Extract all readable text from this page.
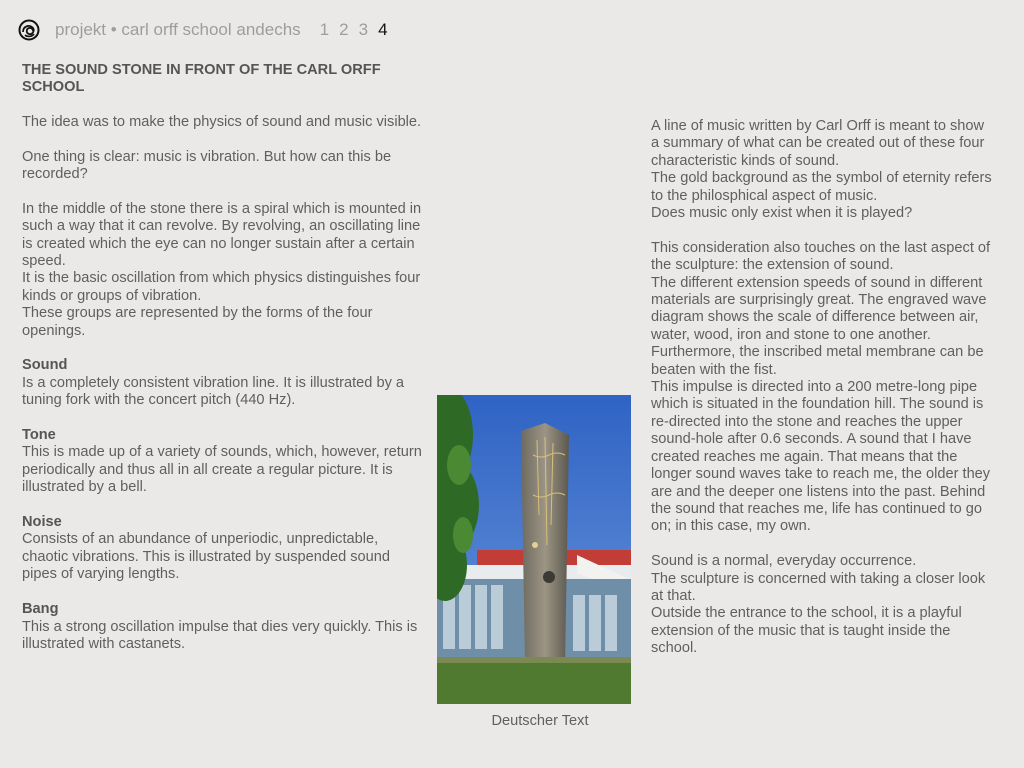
projekt • carl orff school andechs 1 2 3 4
THE SOUND STONE IN FRONT OF THE CARL ORFF SCHOOL

The idea was to make the physics of sound and music visible.

One thing is clear: music is vibration. But how can this be recorded?

In the middle of the stone there is a spiral which is mounted in such a way that it can revolve. By revolving, an oscillating line is created which the eye can no longer sustain after a certain speed.
It is the basic oscillation from which physics distinguishes four kinds or groups of vibration.
These groups are represented by the forms of the four openings.

Sound
Is a completely consistent vibration line. It is illustrated by a tuning fork with the concert pitch (440 Hz).

Tone
This is made up of a variety of sounds, which, however, return periodically and thus all in all create a regular picture. It is illustrated by a bell.

Noise
Consists of an abundance of unperiodic, unpredictable, chaotic vibrations. This is illustrated by suspended sound pipes of varying lengths.

Bang
This a strong oscillation impulse that dies very quickly. This is illustrated with castanets.

Deutscher Text

A line of music written by Carl Orff is meant to show a summary of what can be created out of these four characteristic kinds of sound.
The gold background as the symbol of eternity refers to the philosphical aspect of music.
Does music only exist when it is played?

This consideration also touches on the last aspect of the sculpture: the extension of sound.
The different extension speeds of sound in different materials are surprisingly great. The engraved wave diagram shows the scale of difference between air, water, wood, iron and stone to one another.
Furthermore, the inscribed metal membrane can be beaten with the fist.
This impulse is directed into a 200 metre-long pipe which is situated in the foundation hill. The sound is re-directed into the stone and reaches the upper sound-hole after 0.6 seconds. A sound that I have created reaches me again. That means that the longer sound waves take to reach me, the older they are and the deeper one listens into the past. Behind the sound that reaches me, life has continued to go on; in this case, my own.

Sound is a normal, everyday occurrence.
The sculpture is concerned with taking a closer look at that.
Outside the entrance to the school, it is a playful extension of the music that is taught inside the school.
